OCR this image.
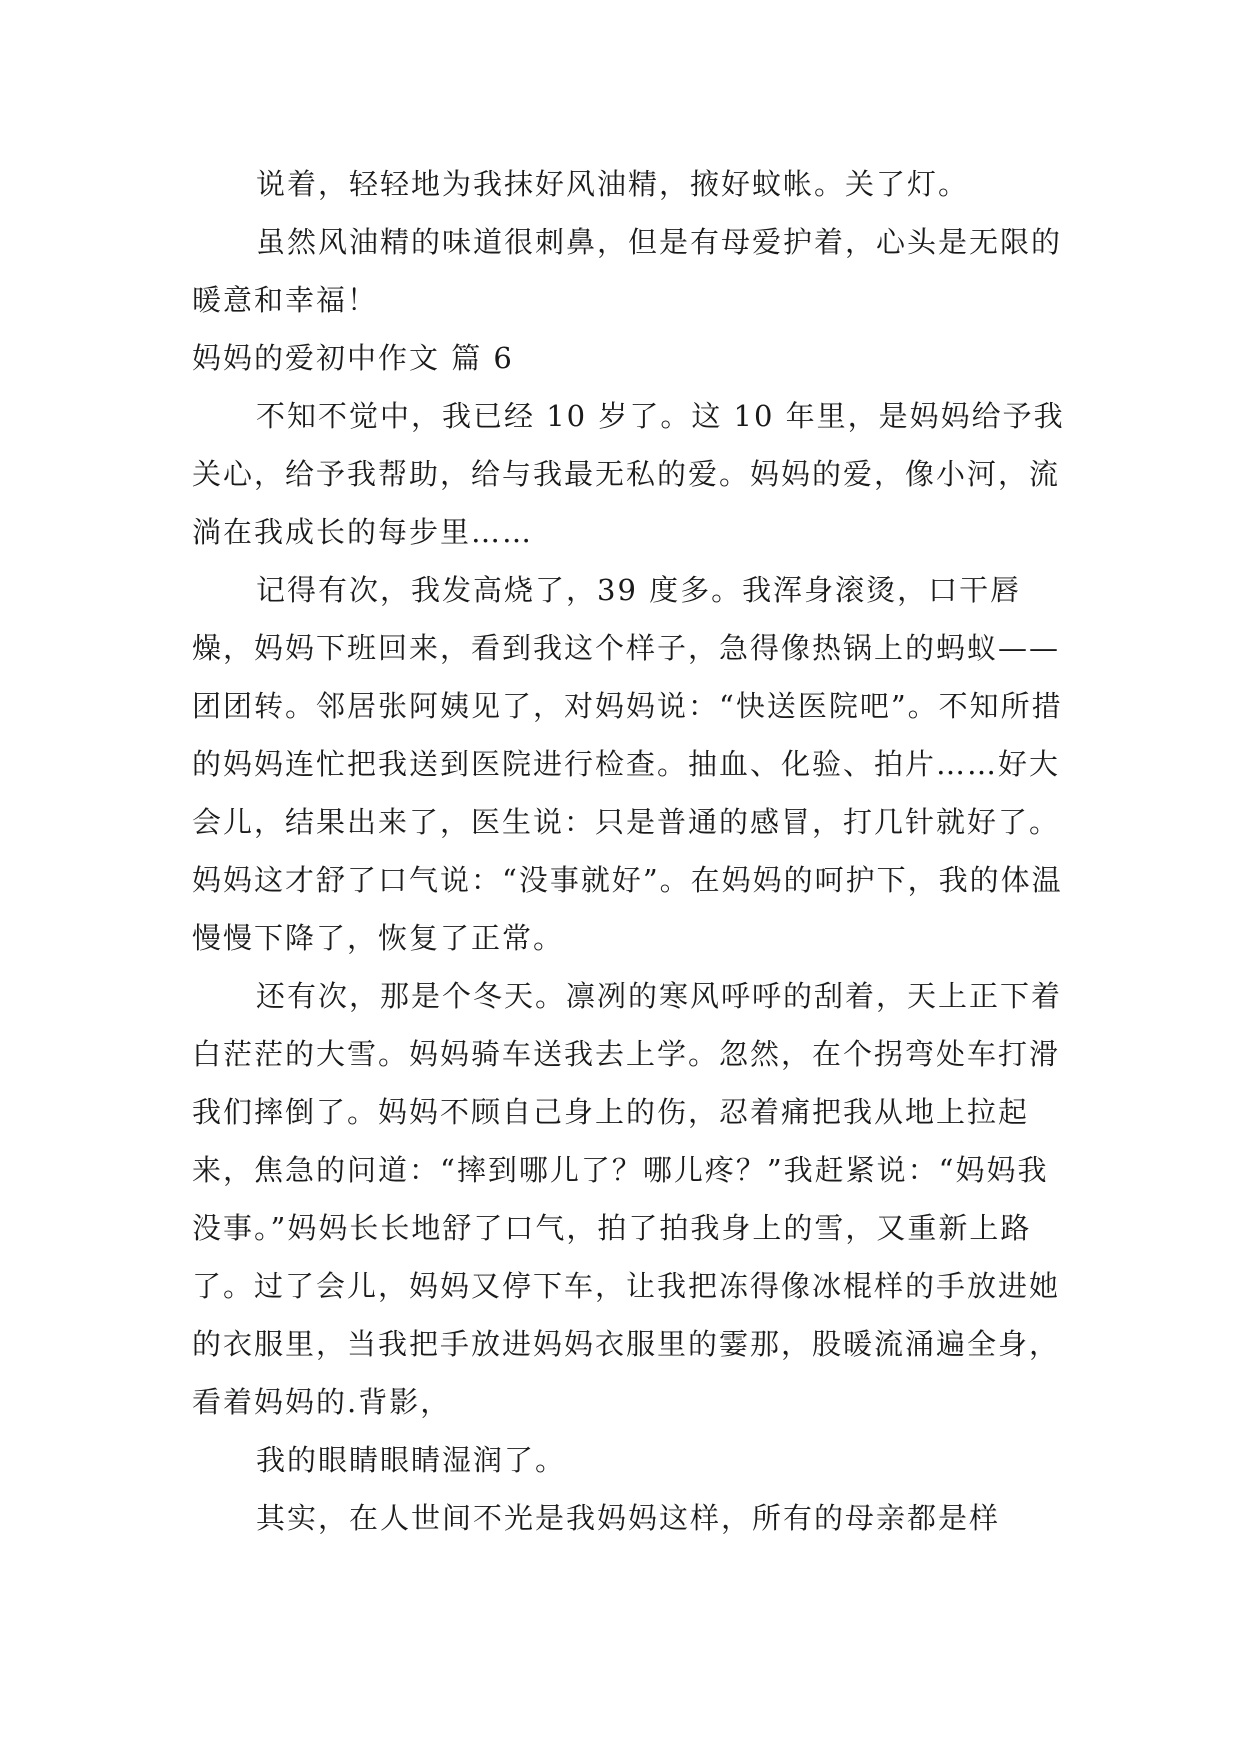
说着，轻轻地为我抹好风油精，掖好蚊帐。关了灯。

虽然风油精的味道很刺鼻，但是有母爱护着，心头是无限的暖意和幸福！

妈妈的爱初中作文 篇 6

不知不觉中，我已经 10 岁了。这 10 年里，是妈妈给予我关心，给予我帮助，给与我最无私的爱。妈妈的爱，像小河，流淌在我成长的每步里……

记得有次，我发高烧了，39 度多。我浑身滚烫，口干唇燥，妈妈下班回来，看到我这个样子，急得像热锅上的蚂蚁——团团转。邻居张阿姨见了，对妈妈说：“快送医院吧”。不知所措的妈妈连忙把我送到医院进行检查。抽血、化验、拍片……好大会儿，结果出来了，医生说：只是普通的感冒，打几针就好了。妈妈这才舒了口气说：“没事就好”。在妈妈的呵护下，我的体温慢慢下降了，恢复了正常。

还有次，那是个冬天。凛冽的寒风呼呼的刮着，天上正下着白茫茫的大雪。妈妈骑车送我去上学。忽然，在个拐弯处车打滑我们摔倒了。妈妈不顾自己身上的伤，忍着痛把我从地上拉起来，焦急的问道：“摔到哪儿了？哪儿疼？”我赶紧说：“妈妈我没事。”妈妈长长地舒了口气，拍了拍我身上的雪，又重新上路了。过了会儿，妈妈又停下车，让我把冻得像冰棍样的手放进她的衣服里，当我把手放进妈妈衣服里的霎那，股暖流涌遍全身，看着妈妈的.背影，

我的眼睛眼睛湿润了。

其实，在人世间不光是我妈妈这样，所有的母亲都是样
